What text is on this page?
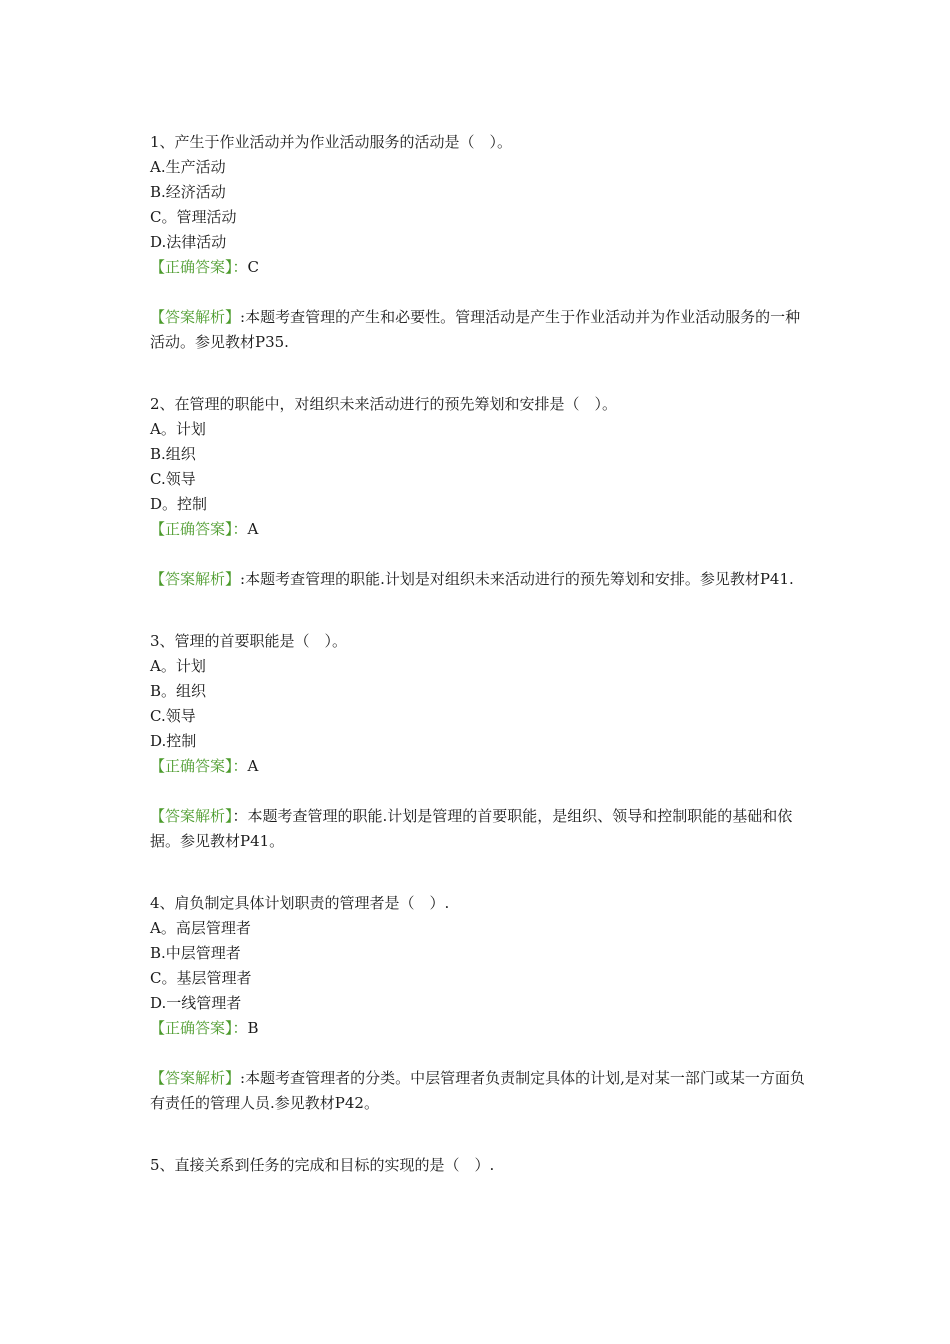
1、产生于作业活动并为作业活动服务的活动是（　）。
A.生产活动
B.经济活动
C。管理活动
D.法律活动
【正确答案】：C
【答案解析】:本题考查管理的产生和必要性。管理活动是产生于作业活动并为作业活动服务的一种活动。参见教材P35.
2、在管理的职能中，对组织未来活动进行的预先筹划和安排是（　）。
A。计划
B.组织
C.领导
D。控制
【正确答案】：A
【答案解析】:本题考查管理的职能.计划是对组织未来活动进行的预先筹划和安排。参见教材P41.
3、管理的首要职能是（　）。
A。计划
B。组织
C.领导
D.控制
【正确答案】：A
【答案解析】：本题考查管理的职能.计划是管理的首要职能，是组织、领导和控制职能的基础和依据。参见教材P41。
4、肩负制定具体计划职责的管理者是（　）.
A。高层管理者
B.中层管理者
C。基层管理者
D.一线管理者
【正确答案】：B
【答案解析】:本题考查管理者的分类。中层管理者负责制定具体的计划,是对某一部门或某一方面负有责任的管理人员.参见教材P42。
5、直接关系到任务的完成和目标的实现的是（　）.
